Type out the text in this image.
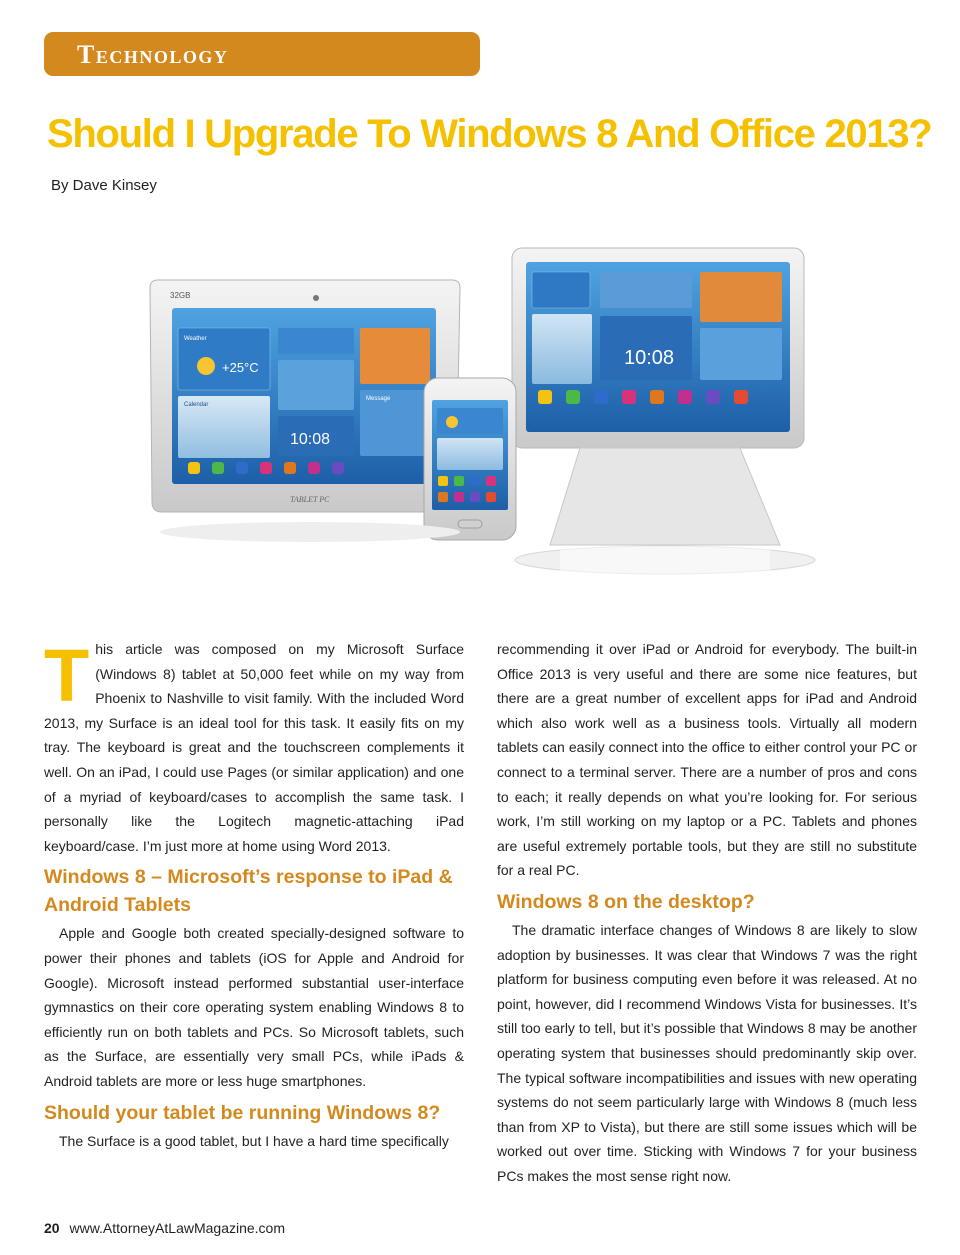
Technology
Should I Upgrade To Windows 8 And Office 2013?
By Dave Kinsey
10:08
32GB
Weather
+25°C
Calendar
10:08
Message
TABLET PC

T his article was composed on my Microsoft Surface (Windows 8) tablet at 50,000 feet while on my way from Phoenix to Nashville to visit family. With the included Word 2013, my Surface is an ideal tool for this task. It easily fits on my tray. The keyboard is great and the touchscreen complements it well. On an iPad, I could use Pages (or similar application) and one of a myriad of keyboard/cases to accomplish the same task. I personally like the Logitech magnetic-attaching iPad keyboard/case. I’m just more at home using Word 2013.

Windows 8 – Microsoft’s response to iPad & Android Tablets

Apple and Google both created specially-designed software to power their phones and tablets (iOS for Apple and Android for Google). Microsoft instead performed substantial user-interface gymnastics on their core operating system enabling Windows 8 to efficiently run on both tablets and PCs. So Microsoft tablets, such as the Surface, are essentially very small PCs, while iPads & Android tablets are more or less huge smartphones.

Should your tablet be running Windows 8?

The Surface is a good tablet, but I have a hard time specifically

recommending it over iPad or Android for everybody. The built-in Office 2013 is very useful and there are some nice features, but there are a great number of excellent apps for iPad and Android which also work well as a business tools. Virtually all modern tablets can easily connect into the office to either control your PC or connect to a terminal server. There are a number of pros and cons to each; it really depends on what you’re looking for. For serious work, I’m still working on my laptop or a PC. Tablets and phones are useful extremely portable tools, but they are still no substitute for a real PC.

Windows 8 on the desktop?

The dramatic interface changes of Windows 8 are likely to slow adoption by businesses. It was clear that Windows 7 was the right platform for business computing even before it was released. At no point, however, did I recommend Windows Vista for businesses. It’s still too early to tell, but it’s possible that Windows 8 may be another operating system that businesses should predominantly skip over. The typical software incompatibilities and issues with new operating systems do not seem particularly large with Windows 8 (much less than from XP to Vista), but there are still some issues which will be worked out over time. Sticking with Windows 7 for your business PCs makes the most sense right now.

20 www.AttorneyAtLawMagazine.com
